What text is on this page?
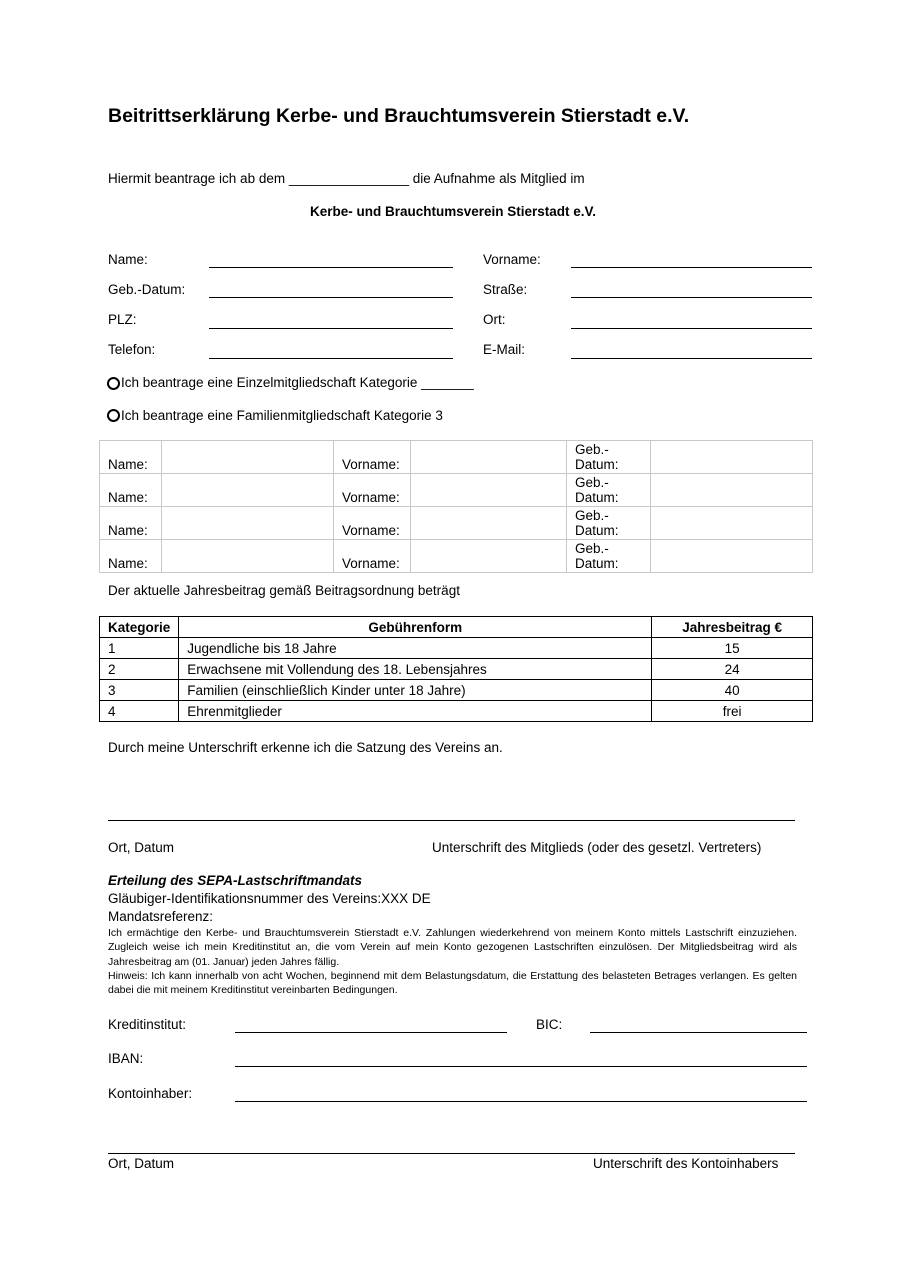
Beitrittserklärung Kerbe- und Brauchtumsverein Stierstadt e.V.
Hiermit beantrage ich ab dem ________________ die Aufnahme als Mitglied im
Kerbe- und Brauchtumsverein Stierstadt e.V.
Name:	Vorname:
Geb.-Datum:	Straße:
PLZ:	Ort:
Telefon:	E-Mail:
Ich beantrage eine Einzelmitgliedschaft Kategorie _______
Ich beantrage eine Familienmitgliedschaft Kategorie 3
Name:		Vorname:		Geb.-
Datum:	
Name:		Vorname:		Geb.-
Datum:	
Name:		Vorname:		Geb.-
Datum:	
Name:		Vorname:		Geb.-
Datum:	
Der aktuelle Jahresbeitrag gemäß Beitragsordnung beträgt
Kategorie	Gebührenform	Jahresbeitrag €
1	Jugendliche bis 18 Jahre	15
2	Erwachsene mit Vollendung des 18. Lebensjahres	24
3	Familien (einschließlich Kinder unter 18 Jahre)	40
4	Ehrenmitglieder	frei
Durch meine Unterschrift erkenne ich die Satzung des Vereins an.
Ort, Datum	Unterschrift des Mitglieds (oder des gesetzl. Vertreters)
Erteilung des SEPA-Lastschriftmandats
Gläubiger-Identifikationsnummer des Vereins:XXX DE
Mandatsreferenz:

Ich ermächtige den Kerbe- und Brauchtumsverein Stierstadt e.V. Zahlungen wiederkehrend von meinem Konto mittels Lastschrift einzuziehen. Zugleich weise ich mein Kreditinstitut an, die vom Verein auf mein Konto gezogenen Lastschriften einzulösen. Der Mitgliedsbeitrag wird als Jahresbeitrag am (01. Januar) jeden Jahres fällig.

Hinweis: Ich kann innerhalb von acht Wochen, beginnend mit dem Belastungsdatum, die Erstattung des belasteten Betrages verlangen. Es gelten dabei die mit meinem Kreditinstitut vereinbarten Bedingungen.

Kreditinstitut:	BIC:
IBAN:
Kontoinhaber:
Ort, Datum	Unterschrift des Kontoinhabers
